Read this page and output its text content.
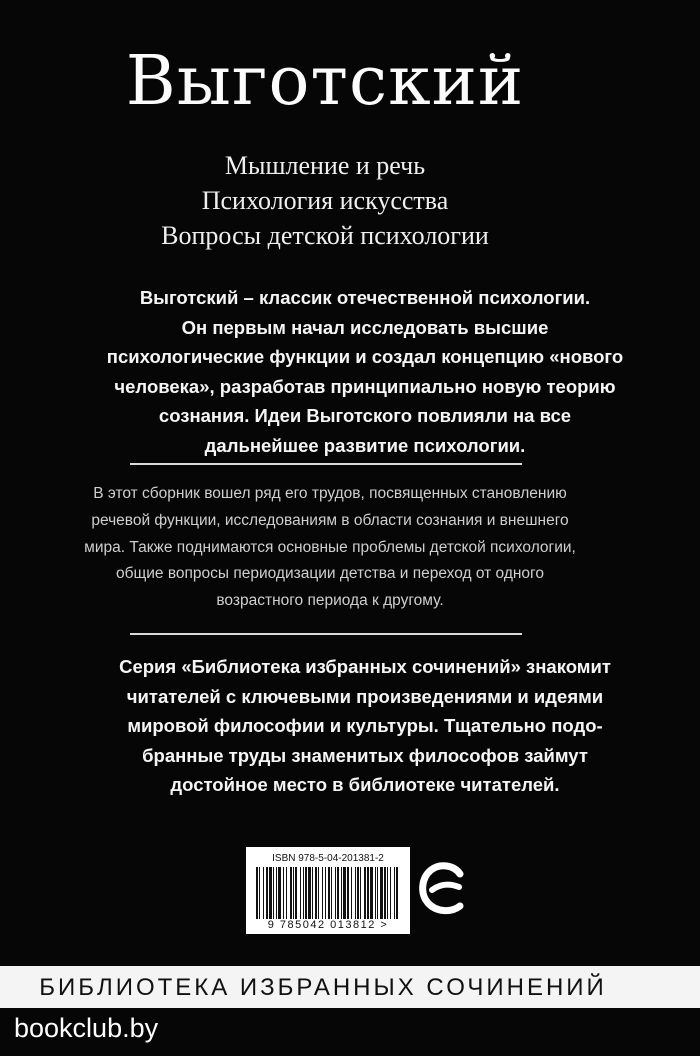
Выготский
Мышление и речь
Психология искусства
Вопросы детской психологии
Выготский – классик отечественной психологии.
Он первым начал исследовать высшие
психологические функции и создал концепцию «нового
человека», разработав принципиально новую теорию
сознания. Идеи Выготского повлияли на все
дальнейшее развитие психологии.
В этот сборник вошел ряд его трудов, посвященных становлению
речевой функции, исследованиям в области сознания и внешнего
мира. Также поднимаются основные проблемы детской психологии,
общие вопросы периодизации детства и переход от одного
возрастного периода к другому.
Серия «Библиотека избранных сочинений» знакомит
читателей с ключевыми произведениями и идеями
мировой философии и культуры. Тщательно подо-
бранные труды знаменитых философов займут
достойное место в библиотеке читателей.
ISBN 978-5-04-201381-2
9 785042 013812 >
БИБЛИОТЕКА ИЗБРАННЫХ СОЧИНЕНИЙ
bookclub.by
